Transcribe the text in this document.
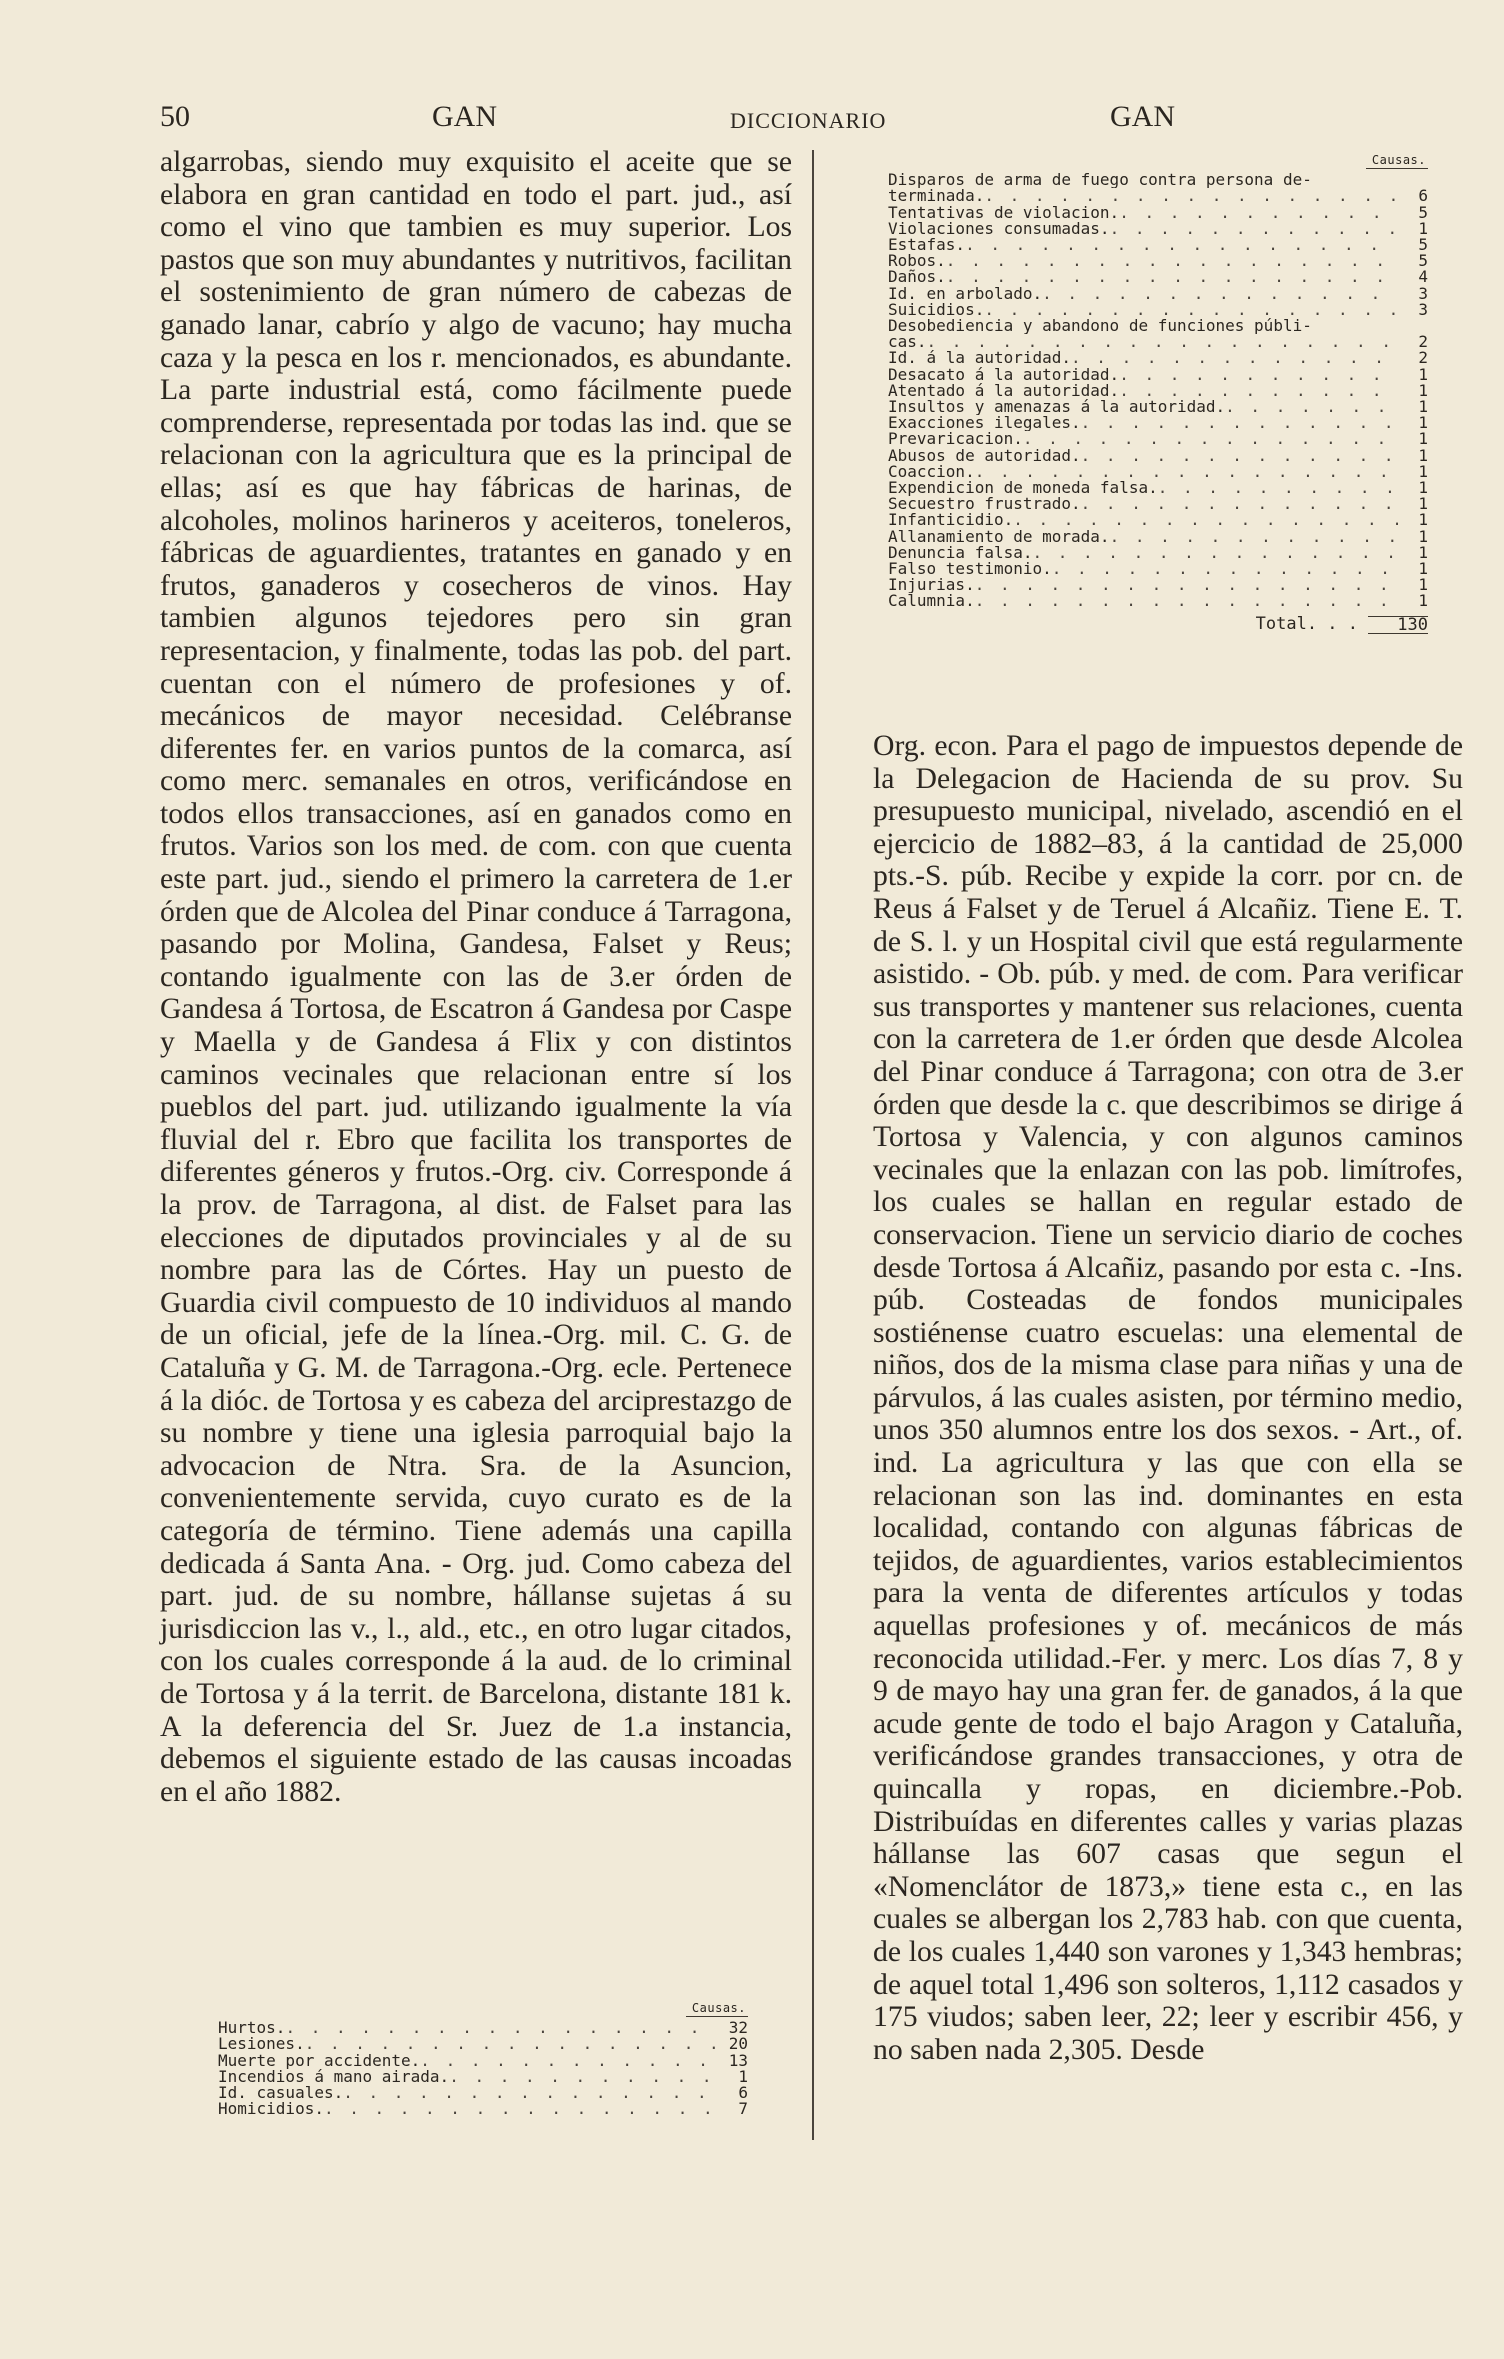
50	GAN	DICCIONARIO	GAN

algarrobas, siendo muy exquisito el aceite que se elabora en gran cantidad en todo el part. jud., así como el vino que tambien es muy superior. Los pastos que son muy abundantes y nutritivos, facilitan el sostenimiento de gran número de cabezas de ganado lanar, cabrío y algo de vacuno; hay mucha caza y la pesca en los r. mencionados, es abundante. La parte industrial está, como fácilmente puede comprenderse, representada por todas las ind. que se relacionan con la agricultura que es la principal de ellas; así es que hay fábricas de harinas, de alcoholes, molinos harineros y aceiteros, toneleros, fábricas de aguardientes, tratantes en ganado y en frutos, ganaderos y cosecheros de vinos. Hay tambien algunos tejedores pero sin gran representacion, y finalmente, todas las pob. del part. cuentan con el número de profesiones y of. mecánicos de mayor necesidad. Celébranse diferentes fer. en varios puntos de la comarca, así como merc. semanales en otros, verificándose en todos ellos transacciones, así en ganados como en frutos. Varios son los med. de com. con que cuenta este part. jud., siendo el primero la carretera de 1.er órden que de Alcolea del Pinar conduce á Tarragona, pasando por Molina, Gandesa, Falset y Reus; contando igualmente con las de 3.er órden de Gandesa á Tortosa, de Escatron á Gandesa por Caspe y Maella y de Gandesa á Flix y con distintos caminos vecinales que relacionan entre sí los pueblos del part. jud. utilizando igualmente la vía fluvial del r. Ebro que facilita los transportes de diferentes géneros y frutos.-Org. civ. Corresponde á la prov. de Tarragona, al dist. de Falset para las elecciones de diputados provinciales y al de su nombre para las de Córtes. Hay un puesto de Guardia civil compuesto de 10 individuos al mando de un oficial, jefe de la línea.-Org. mil. C. G. de Cataluña y G. M. de Tarragona.-Org. ecle. Pertenece á la dióc. de Tortosa y es cabeza del arciprestazgo de su nombre y tiene una iglesia parroquial bajo la advocacion de Ntra. Sra. de la Asuncion, convenientemente servida, cuyo curato es de la categoría de término. Tiene además una capilla dedicada á Santa Ana. - Org. jud. Como cabeza del part. jud. de su nombre, hállanse sujetas á su jurisdiccion las v., l., ald., etc., en otro lugar citados, con los cuales corresponde á la aud. de lo criminal de Tortosa y á la territ. de Barcelona, distante 181 k. A la deferencia del Sr. Juez de 1.a instancia, debemos el siguiente estado de las causas incoadas en el año 1882.

Causas.
Hurtos. . . .	32
Lesiones. . . .	20
Muerte por accidente. . . .	13
Incendios á mano airada. . . .	1
Id. casuales. . . .	6
Homicidios. . . .	7
Causas.
Disparos de arma de fuego contra persona de-
terminada. . . .	6
Tentativas de violacion. . . .	5
Violaciones consumadas. . . .	1
Estafas. . . .	5
Robos. . . .	5
Daños. . . .	4
Id. en arbolado. . . .	3
Suicidios. . . .	3
Desobediencia y abandono de funciones públi-
cas. . . .	2
Id. á la autoridad. . . .	2
Desacato á la autoridad. . . .	1
Atentado á la autoridad. . . .	1
Insultos y amenazas á la autoridad. . . .	1
Exacciones ilegales. . . .	1
Prevaricacion. . . .	1
Abusos de autoridad. . . .	1
Coaccion. . . .	1
Expendicion de moneda falsa. . . .	1
Secuestro frustrado. . . .	1
Infanticidio. . . .	1
Allanamiento de morada. . . .	1
Denuncia falsa. . . .	1
Falso testimonio. . . .	1
Injurias. . . .	1
Calumnia. . . .	1
Total. . .	130

Org. econ. Para el pago de impuestos depende de la Delegacion de Hacienda de su prov. Su presupuesto municipal, nivelado, ascendió en el ejercicio de 1882–83, á la cantidad de 25,000 pts.-S. púb. Recibe y expide la corr. por cn. de Reus á Falset y de Teruel á Alcañiz. Tiene E. T. de S. l. y un Hospital civil que está regularmente asistido. - Ob. púb. y med. de com. Para verificar sus transportes y mantener sus relaciones, cuenta con la carretera de 1.er órden que desde Alcolea del Pinar conduce á Tarragona; con otra de 3.er órden que desde la c. que describimos se dirige á Tortosa y Valencia, y con algunos caminos vecinales que la enlazan con las pob. limítrofes, los cuales se hallan en regular estado de conservacion. Tiene un servicio diario de coches desde Tortosa á Alcañiz, pasando por esta c. -Ins. púb. Costeadas de fondos municipales sostiénense cuatro escuelas: una elemental de niños, dos de la misma clase para niñas y una de párvulos, á las cuales asisten, por término medio, unos 350 alumnos entre los dos sexos. - Art., of. ind. La agricultura y las que con ella se relacionan son las ind. dominantes en esta localidad, contando con algunas fábricas de tejidos, de aguardientes, varios establecimientos para la venta de diferentes artículos y todas aquellas profesiones y of. mecánicos de más reconocida utilidad.-Fer. y merc. Los días 7, 8 y 9 de mayo hay una gran fer. de ganados, á la que acude gente de todo el bajo Aragon y Cataluña, verificándose grandes transacciones, y otra de quincalla y ropas, en diciembre.-Pob. Distribuídas en diferentes calles y varias plazas hállanse las 607 casas que segun el «Nomenclátor de 1873,» tiene esta c., en las cuales se albergan los 2,783 hab. con que cuenta, de los cuales 1,440 son varones y 1,343 hembras; de aquel total 1,496 son solteros, 1,112 casados y 175 viudos; saben leer, 22; leer y escribir 456, y no saben nada 2,305. Desde
